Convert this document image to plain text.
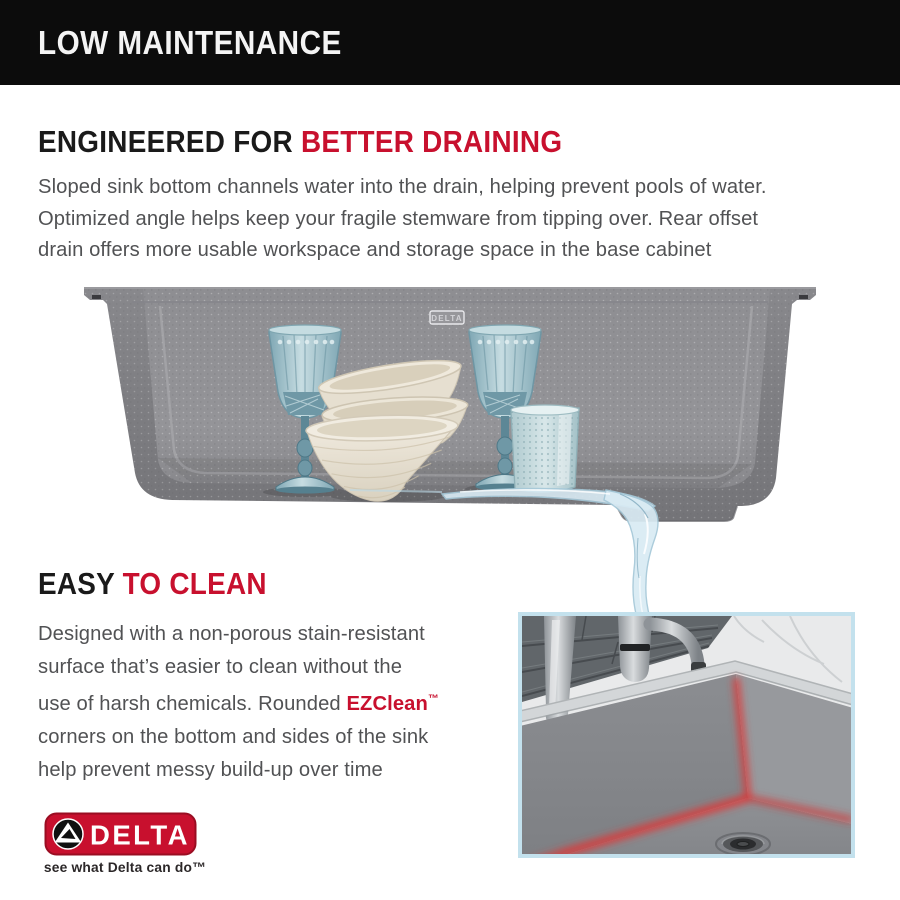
LOW MAINTENANCE
ENGINEERED FOR BETTER DRAINING
Sloped sink bottom channels water into the drain, helping prevent pools of water.
Optimized angle helps keep your fragile stemware from tipping over. Rear offset
drain offers more usable workspace and storage space in the base cabinet
DELTA
EASY TO CLEAN
Designed with a non-porous stain-resistant
surface that’s easier to clean without the
use of harsh chemicals. Rounded EZClean™
corners on the bottom and sides of the sink
help prevent messy build-up over time
DELTA
see what Delta can do™
